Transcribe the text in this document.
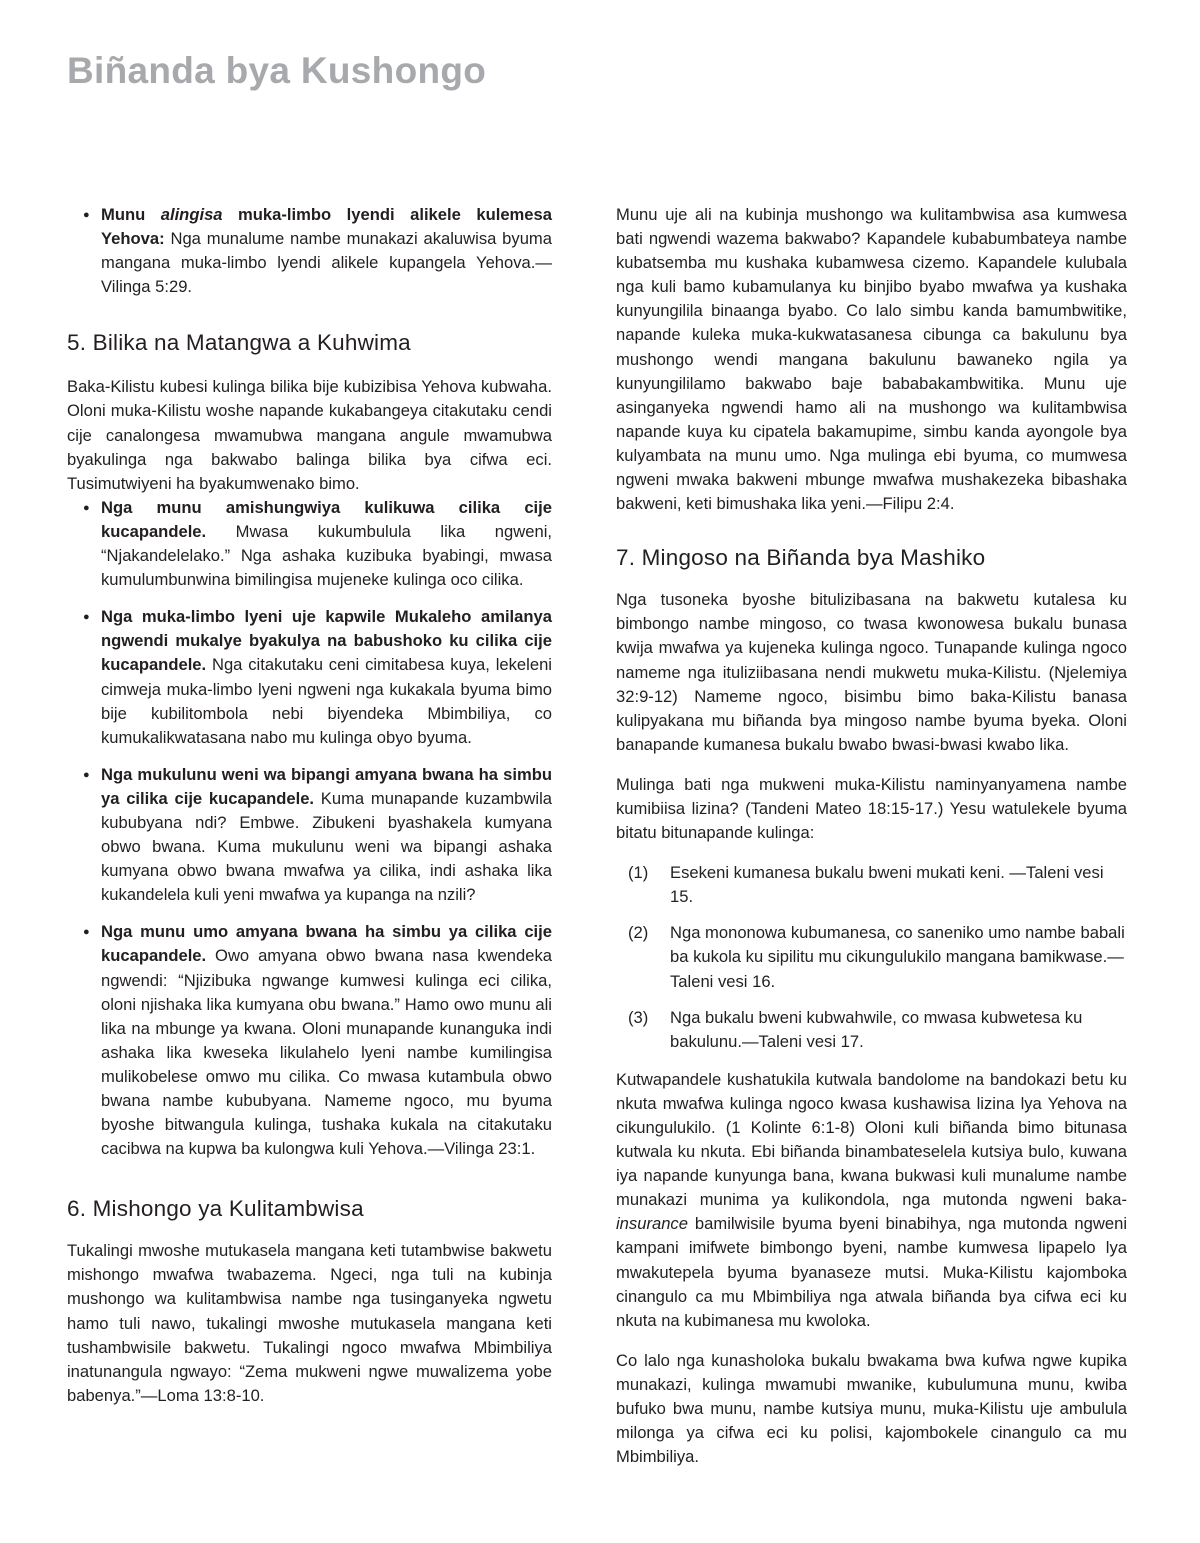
Biñanda bya Kushongo
● Munu alingisa muka-limbo lyendi alikele kulemesa Yehova: Nga munalume nambe munakazi akaluwisa byuma mangana muka-limbo lyendi alikele kupangela Yehova.—Vilinga 5:29.
5. Bilika na Matangwa a Kuhwima

Baka-Kilistu kubesi kulinga bilika bije kubizibisa Yehova kubwaha. Oloni muka-Kilistu woshe napande kukabangeya citakutaku cendi cije canalongesa mwamubwa mangana angule mwamubwa byakulinga nga bakwabo balinga bilika bya cifwa eci. Tusimutwiyeni ha byakumwenako bimo.

● Nga munu amishungwiya kulikuwa cilika cije kucapandele. Mwasa kukumbulula lika ngweni, “Njakandelelako.” Nga ashaka kuzibuka byabingi, mwasa kumulumbunwina bimilingisa mujeneke kulinga oco cilika.
● Nga muka-limbo lyeni uje kapwile Mukaleho amilanya ngwendi mukalye byakulya na babushoko ku cilika cije kucapandele. Nga citakutaku ceni cimitabesa kuya, lekeleni cimweja muka-limbo lyeni ngweni nga kukakala byuma bimo bije kubilitombola nebi biyendeka Mbimbiliya, co kumukalikwatasana nabo mu kulinga obyo byuma.
● Nga mukulunu weni wa bipangi amyana bwana ha simbu ya cilika cije kucapandele. Kuma munapande kuzambwila kububyana ndi? Embwe. Zibukeni byashakela kumyana obwo bwana. Kuma mukulunu weni wa bipangi ashaka kumyana obwo bwana mwafwa ya cilika, indi ashaka lika kukandelela kuli yeni mwafwa ya kupanga na nzili?
● Nga munu umo amyana bwana ha simbu ya cilika cije kucapandele. Owo amyana obwo bwana nasa kwendeka ngwendi: “Njizibuka ngwange kumwesi kulinga eci cilika, oloni njishaka lika kumyana obu bwana.” Hamo owo munu ali lika na mbunge ya kwana. Oloni munapande kunanguka indi ashaka lika kweseka likulahelo lyeni nambe kumilingisa mulikobelese omwo mu cilika. Co mwasa kutambula obwo bwana nambe kububyana. Nameme ngoco, mu byuma byoshe bitwangula kulinga, tushaka kukala na citakutaku cacibwa na kupwa ba kulongwa kuli Yehova.—Vilinga 23:1.
6. Mishongo ya Kulitambwisa

Tukalingi mwoshe mutukasela mangana keti tutambwise bakwetu mishongo mwafwa twabazema. Ngeci, nga tuli na kubinja mushongo wa kulitambwisa nambe nga tusinganyeka ngwetu hamo tuli nawo, tukalingi mwoshe mutukasela mangana keti tushambwisile bakwetu. Tukalingi ngoco mwafwa Mbimbiliya inatunangula ngwayo: “Zema mukweni ngwe muwalizema yobe babenya.”—Loma 13:8-10.

Munu uje ali na kubinja mushongo wa kulitambwisa asa kumwesa bati ngwendi wazema bakwabo? Kapandele kubabumbateya nambe kubatsemba mu kushaka kubamwesa cizemo. Kapandele kulubala nga kuli bamo kubamulanya ku binjibo byabo mwafwa ya kushaka kunyungilila binaanga byabo. Co lalo simbu kanda bamumbwitike, napande kuleka muka-kukwatasanesa cibunga ca bakulunu bya mushongo wendi mangana bakulunu bawaneko ngila ya kunyungililamo bakwabo baje bababakambwitika. Munu uje asinganyeka ngwendi hamo ali na mushongo wa kulitambwisa napande kuya ku cipatela bakamupime, simbu kanda ayongole bya kulyambata na munu umo. Nga mulinga ebi byuma, co mumwesa ngweni mwaka bakweni mbunge mwafwa mushakezeka bibashaka bakweni, keti bimushaka lika yeni.—Filipu 2:4.

7. Mingoso na Biñanda bya Mashiko

Nga tusoneka byoshe bitulizibasana na bakwetu kutalesa ku bimbongo nambe mingoso, co twasa kwonowesa bukalu bunasa kwija mwafwa ya kujeneka kulinga ngoco. Tunapande kulinga ngoco nameme nga ituliziibasana nendi mukwetu muka-Kilistu. (Njelemiya 32:9-12) Nameme ngoco, bisimbu bimo baka-Kilistu banasa kulipyakana mu biñanda bya mingoso nambe byuma byeka. Oloni banapande kumanesa bukalu bwabo bwasi-bwasi kwabo lika.

Mulinga bati nga mukweni muka-Kilistu naminyanyamena nambe kumibiisa lizina? (Tandeni Mateo 18:15-17.) Yesu watulekele byuma bitatu bitunapande kulinga:

(1) Esekeni kumanesa bukalu bweni mukati keni. —Taleni vesi 15.
(2) Nga mononowa kubumanesa, co saneniko umo nambe babali ba kukola ku sipilitu mu cikungulukilo mangana bamikwase.—Taleni vesi 16.
(3) Nga bukalu bweni kubwahwile, co mwasa kubwetesa ku bakulunu.—Taleni vesi 17.

Kutwapandele kushatukila kutwala bandolome na bandokazi betu ku nkuta mwafwa kulinga ngoco kwasa kushawisa lizina lya Yehova na cikungulukilo. (1 Kolinte 6:1-8) Oloni kuli biñanda bimo bitunasa kutwala ku nkuta. Ebi biñanda binambateselela kutsiya bulo, kuwana iya napande kunyunga bana, kwana bukwasi kuli munalume nambe munakazi munima ya kulikondola, nga mutonda ngweni baka-insurance bamilwisile byuma byeni binabihya, nga mutonda ngweni kampani imifwete bimbongo byeni, nambe kumwesa lipapelo lya mwakutepela byuma byanaseze mutsi. Muka-Kilistu kajomboka cinangulo ca mu Mbimbiliya nga atwala biñanda bya cifwa eci ku nkuta na kubimanesa mu kwoloka.

Co lalo nga kunasholoka bukalu bwakama bwa kufwa ngwe kupika munakazi, kulinga mwamubi mwanike, kubulumuna munu, kwiba bufuko bwa munu, nambe kutsiya munu, muka-Kilistu uje ambulula milonga ya cifwa eci ku polisi, kajombokele cinangulo ca mu Mbimbiliya.
